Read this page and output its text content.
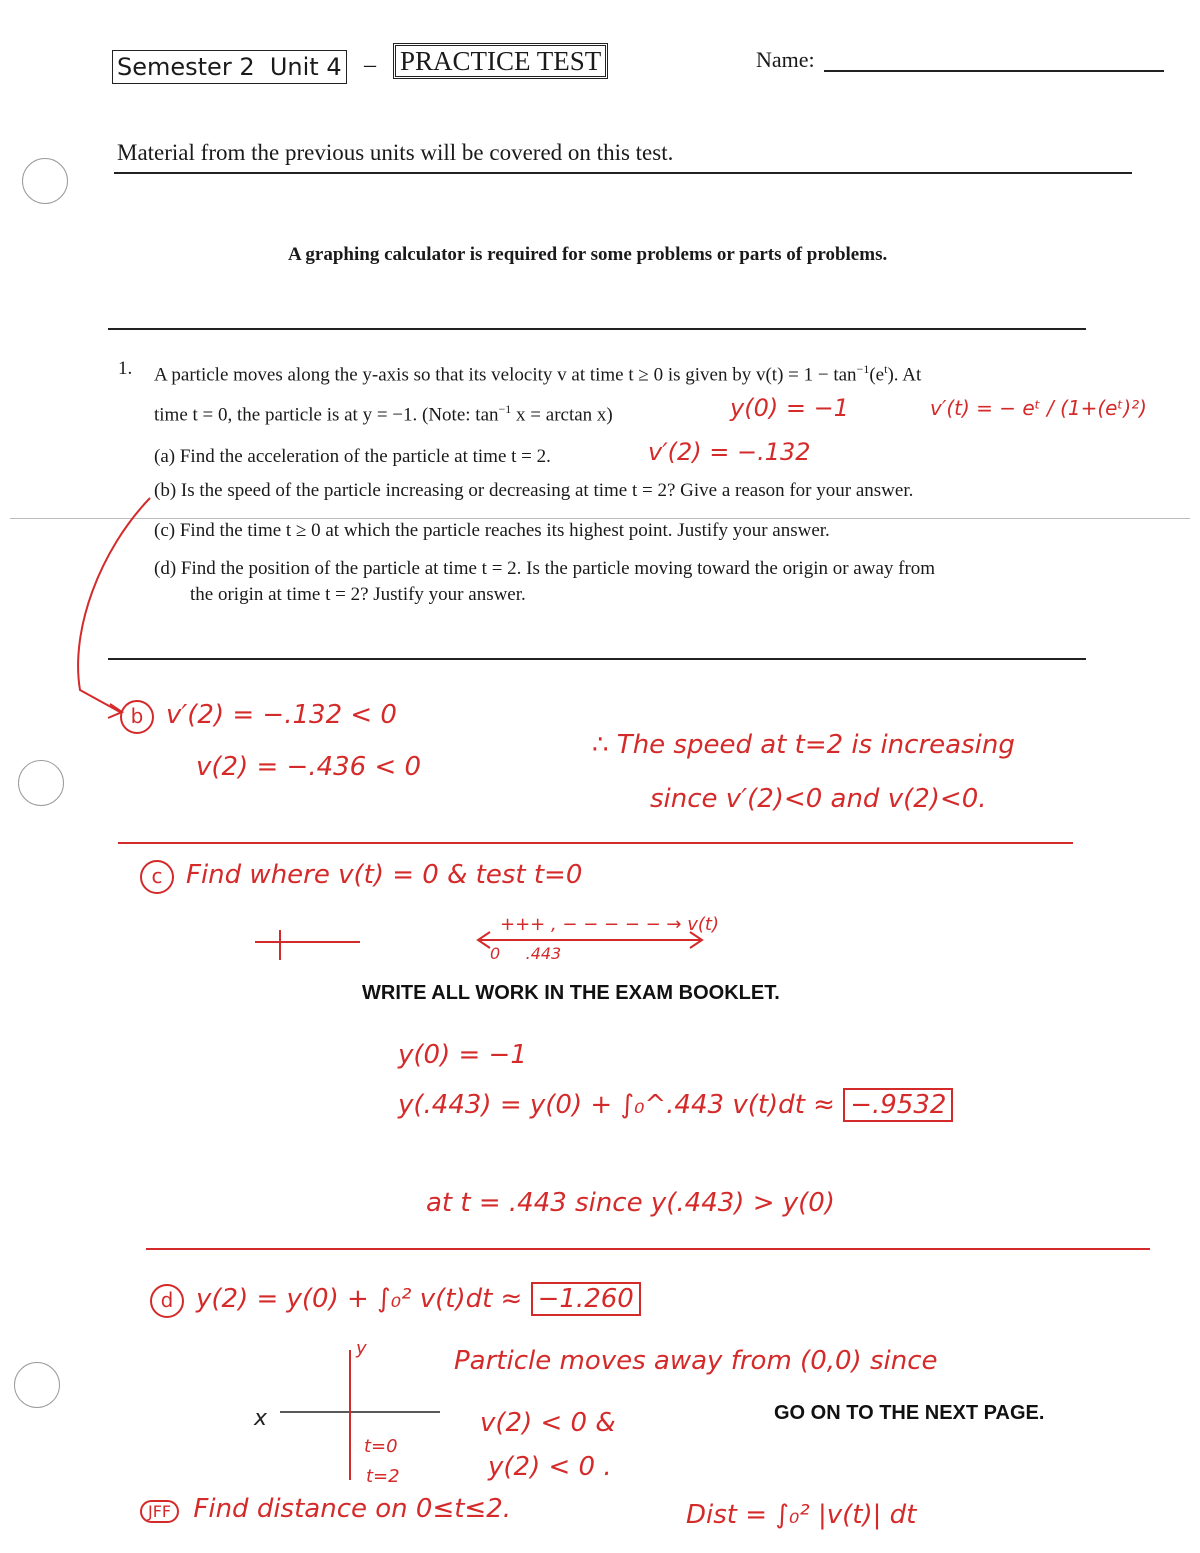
Semester 2 Unit 4 – PRACTICE TEST	Name:
Material from the previous units will be covered on this test.
A graphing calculator is required for some problems or parts of problems.
1. A particle moves along the y-axis so that its velocity v at time t ≥ 0 is given by $v(t) = 1 - \tan^{-1}(e^t)$. At
time t = 0, the particle is at y = −1. (Note: $\tan^{-1} x = \arctan x$)
(a) Find the acceleration of the particle at time t = 2.
(b) Is the speed of the particle increasing or decreasing at time t = 2? Give a reason for your answer.
(c) Find the time t ≥ 0 at which the particle reaches its highest point. Justify your answer.
(d) Find the position of the particle at time t = 2. Is the particle moving toward the origin or away from
the origin at time t = 2? Justify your answer.
y(0) = −1	v′(t) = − eᵗ / (1+(eᵗ)²)
v′(2) = −.132
b v′(2) = −.132 < 0
v(2) = −.436 < 0
∴ The speed at t=2 is increasing
since v′(2)<0 and v(2)<0.
c Find where v(t) = 0 & test t=0
+++ , − − − − − → v(t)
0     .443
WRITE ALL WORK IN THE EXAM BOOKLET.
y(0) = −1
y(.443) = y(0) + ∫₀^.443 v(t)dt ≈ −.9532
at t = .443 since y(.443) > y(0)
d y(2) = y(0) + ∫₀² v(t)dt ≈ −1.260
Particle moves away from (0,0) since
v(2) < 0 &
y(2) < 0 .
y
x
t=0
t=2
GO ON TO THE NEXT PAGE.
JFF Find distance on 0≤t≤2.	Dist = ∫₀² |v(t)| dt
